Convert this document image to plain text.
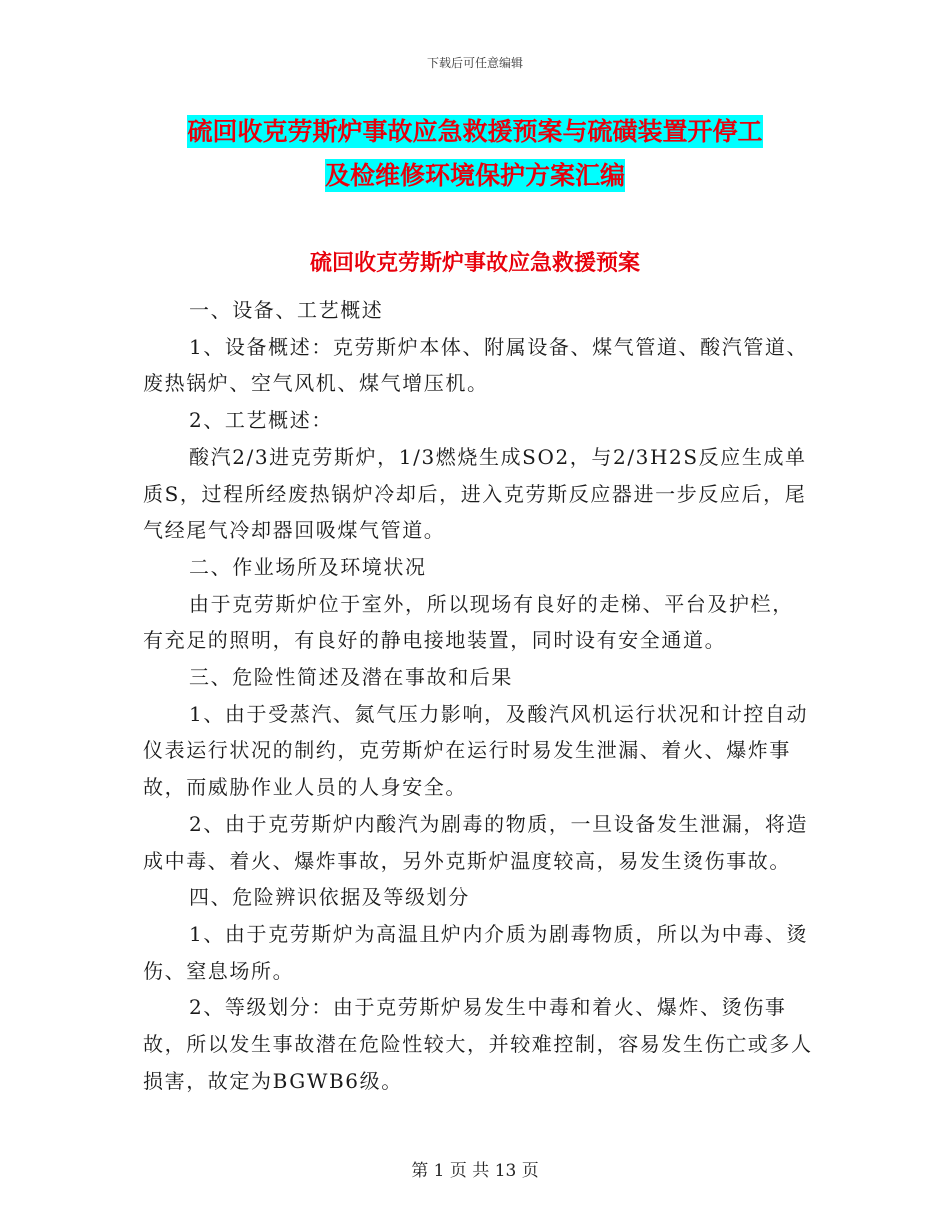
下载后可任意编辑
硫回收克劳斯炉事故应急救援预案与硫磺装置开停工
及检维修环境保护方案汇编
硫回收克劳斯炉事故应急救援预案

一、设备、工艺概述

1、设备概述：克劳斯炉本体、附属设备、煤气管道、酸汽管道、废热锅炉、空气风机、煤气增压机。

2、工艺概述：

酸汽2/3进克劳斯炉，1/3燃烧生成SO2，与2/3H2S反应生成单质S，过程所经废热锅炉冷却后，进入克劳斯反应器进一步反应后，尾气经尾气冷却器回吸煤气管道。

二、作业场所及环境状况

由于克劳斯炉位于室外，所以现场有良好的走梯、平台及护栏，有充足的照明，有良好的静电接地装置，同时设有安全通道。

三、危险性简述及潜在事故和后果

1、由于受蒸汽、氮气压力影响，及酸汽风机运行状况和计控自动仪表运行状况的制约，克劳斯炉在运行时易发生泄漏、着火、爆炸事故，而威胁作业人员的人身安全。

2、由于克劳斯炉内酸汽为剧毒的物质，一旦设备发生泄漏，将造成中毒、着火、爆炸事故，另外克斯炉温度较高，易发生烫伤事故。

四、危险辨识依据及等级划分

1、由于克劳斯炉为高温且炉内介质为剧毒物质，所以为中毒、烫伤、窒息场所。

2、等级划分：由于克劳斯炉易发生中毒和着火、爆炸、烫伤事故，所以发生事故潜在危险性较大，并较难控制，容易发生伤亡或多人损害，故定为BGWB6级。

第 1 页 共 13 页
